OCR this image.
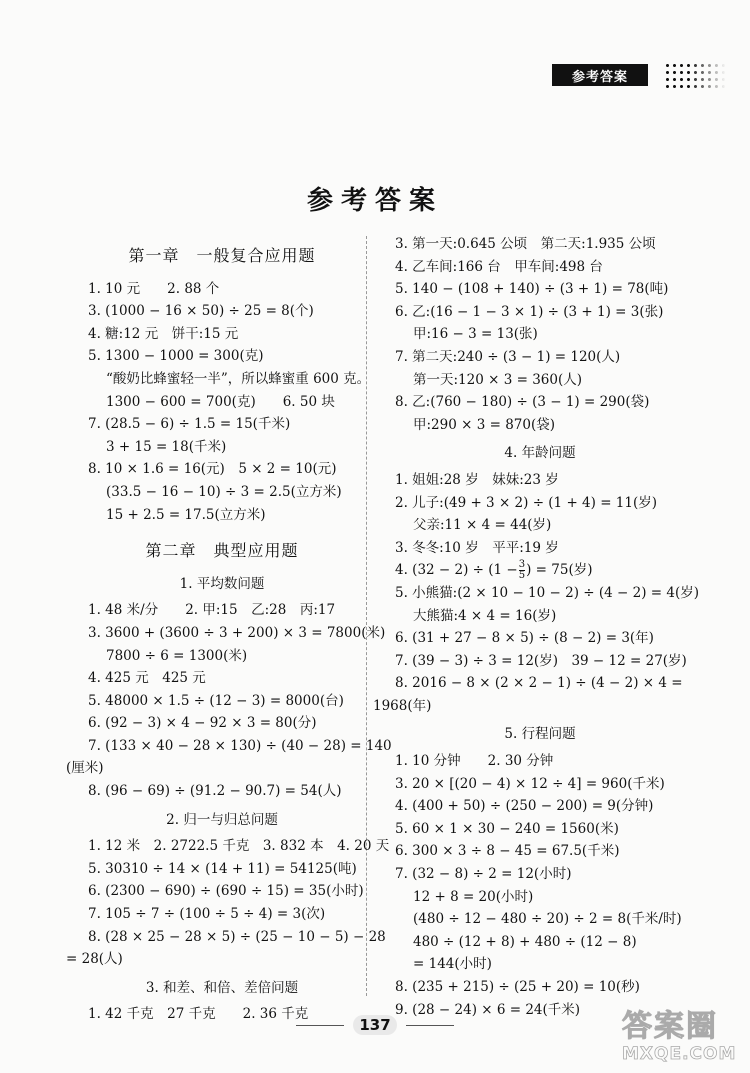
参考答案
参考答案
第一章　一般复合应用题
1. 10 元　　2. 88 个
3. (1000 − 16 × 50) ÷ 25 = 8(个)
4. 糖:12 元　饼干:15 元
5. 1300 − 1000 = 300(克)
“酸奶比蜂蜜轻一半”，所以蜂蜜重 600 克。
1300 − 600 = 700(克)　　6. 50 块
7. (28.5 − 6) ÷ 1.5 = 15(千米)
3 + 15 = 18(千米)
8. 10 × 1.6 = 16(元)　5 × 2 = 10(元)
(33.5 − 16 − 10) ÷ 3 = 2.5(立方米)
15 + 2.5 = 17.5(立方米)
第二章　典型应用题
1. 平均数问题
1. 48 米/分　　2. 甲:15　乙:28　丙:17
3. 3600 + (3600 ÷ 3 + 200) × 3 = 7800(米)
7800 ÷ 6 = 1300(米)
4. 425 元　425 元
5. 48000 × 1.5 ÷ (12 − 3) = 8000(台)
6. (92 − 3) × 4 − 92 × 3 = 80(分)
7. (133 × 40 − 28 × 130) ÷ (40 − 28) = 140
(厘米)
8. (96 − 69) ÷ (91.2 − 90.7) = 54(人)
2. 归一与归总问题
1. 12 米　2. 2722.5 千克　3. 832 本　4. 20 天
5. 30310 ÷ 14 × (14 + 11) = 54125(吨)
6. (2300 − 690) ÷ (690 ÷ 15) = 35(小时)
7. 105 ÷ 7 ÷ (100 ÷ 5 ÷ 4) = 3(次)
8. (28 × 25 − 28 × 5) ÷ (25 − 10 − 5) − 28
= 28(人)
3. 和差、和倍、差倍问题
1. 42 千克　27 千克　　2. 36 千克
3. 第一天:0.645 公顷　第二天:1.935 公顷
4. 乙车间:166 台　甲车间:498 台
5. 140 − (108 + 140) ÷ (3 + 1) = 78(吨)
6. 乙:(16 − 1 − 3 × 1) ÷ (3 + 1) = 3(张)
甲:16 − 3 = 13(张)
7. 第二天:240 ÷ (3 − 1) = 120(人)
第一天:120 × 3 = 360(人)
8. 乙:(760 − 180) ÷ (3 − 1) = 290(袋)
甲:290 × 3 = 870(袋)
4. 年龄问题
1. 姐姐:28 岁　妹妹:23 岁
2. 儿子:(49 + 3 × 2) ÷ (1 + 4) = 11(岁)
父亲:11 × 4 = 44(岁)
3. 冬冬:10 岁　平平:19 岁
4. $(32 - 2) \div (1 - \frac{3}{5}$ ) = 75(岁)
5. 小熊猫:(2 × 10 − 10 − 2) ÷ (4 − 2) = 4(岁)
大熊猫:4 × 4 = 16(岁)
6. (31 + 27 − 8 × 5) ÷ (8 − 2) = 3(年)
7. (39 − 3) ÷ 3 = 12(岁)　39 − 12 = 27(岁)
8. 2016 − 8 × (2 × 2 − 1) ÷ (4 − 2) × 4 =
1968(年)
5. 行程问题
1. 10 分钟　　2. 30 分钟
3. 20 × [(20 − 4) × 12 ÷ 4] = 960(千米)
4. (400 + 50) ÷ (250 − 200) = 9(分钟)
5. 60 × 1 × 30 − 240 = 1560(米)
6. 300 × 3 ÷ 8 − 45 = 67.5(千米)
7. (32 − 8) ÷ 2 = 12(小时)
12 + 8 = 20(小时)
(480 ÷ 12 − 480 ÷ 20) ÷ 2 = 8(千米/时)
480 ÷ (12 + 8) + 480 ÷ (12 − 8)
= 144(小时)
8. (235 + 215) ÷ (25 + 20) = 10(秒)
9. (28 − 24) × 6 = 24(千米)
137	答案圈
MXQE.COM
